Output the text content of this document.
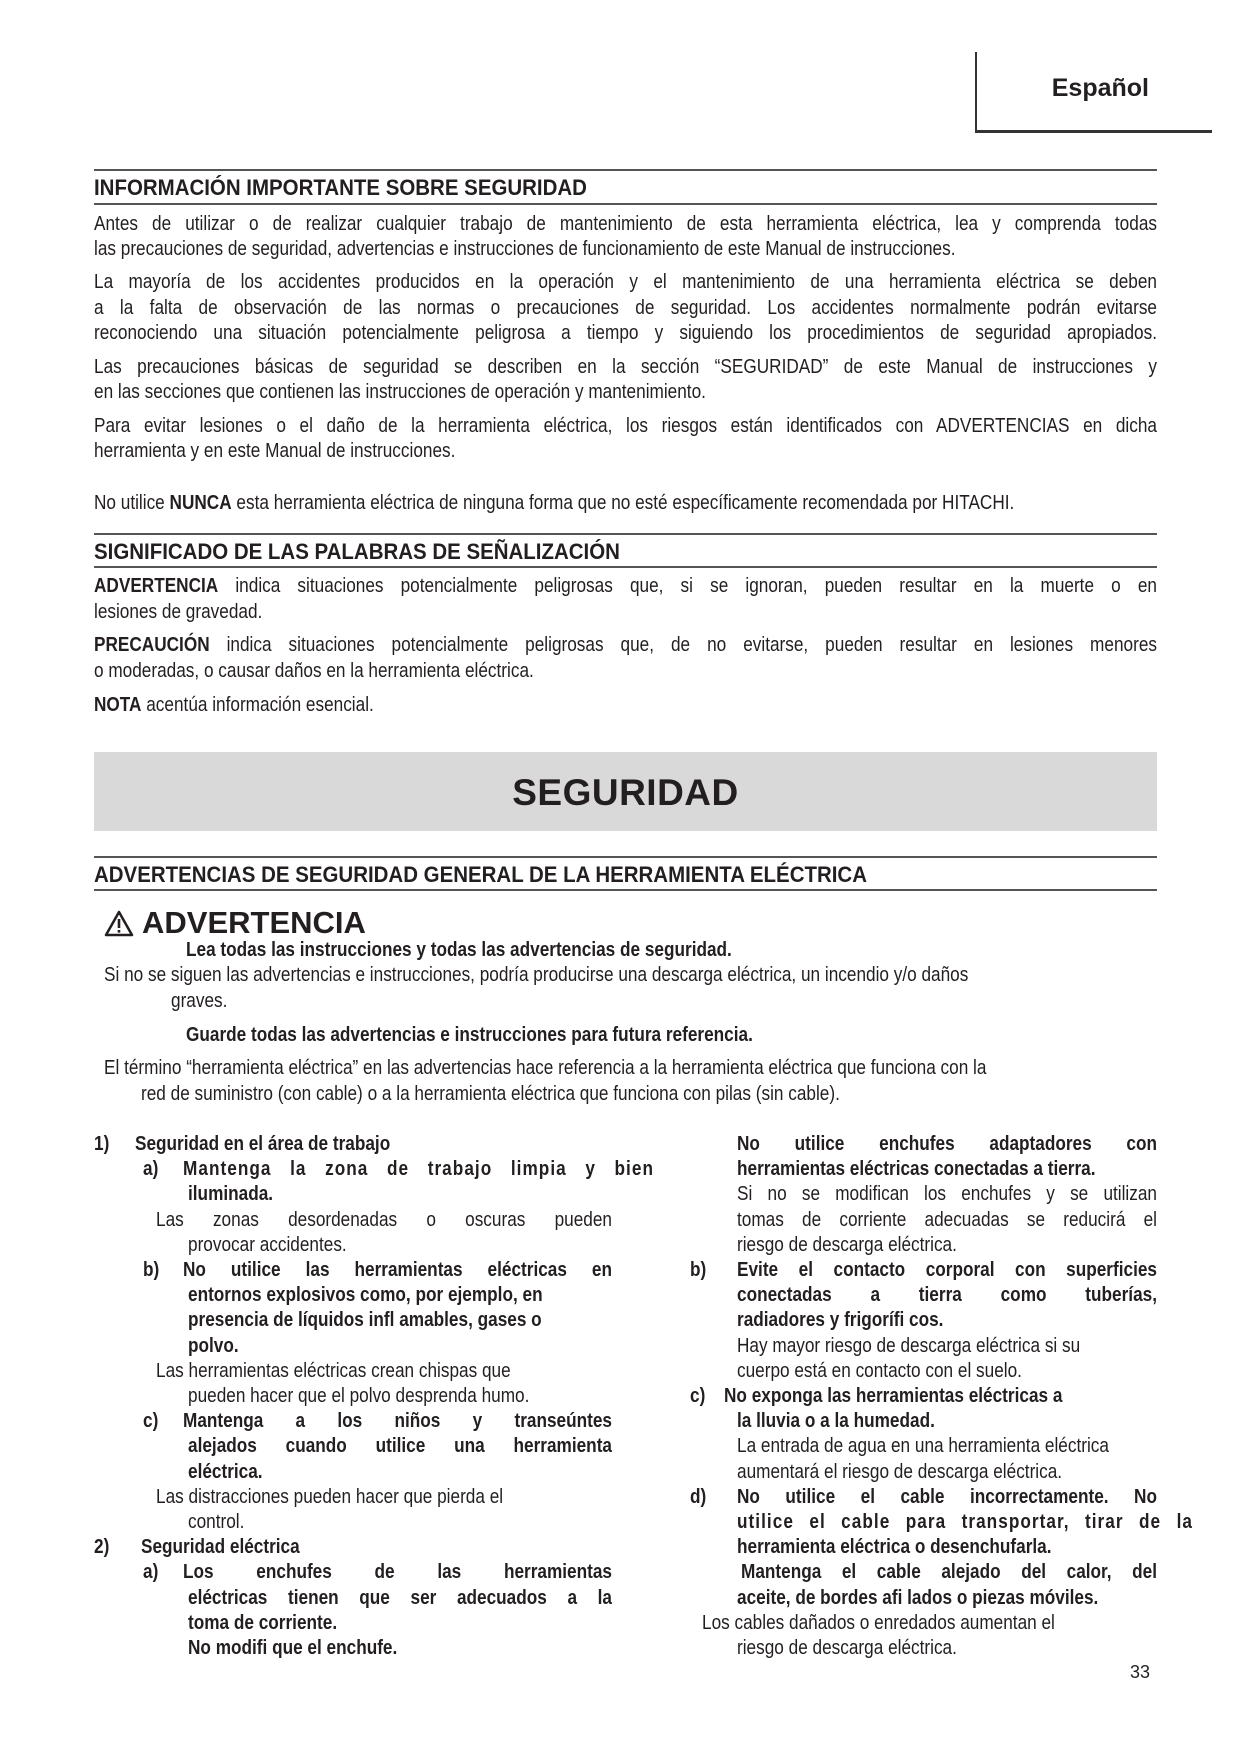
Español
INFORMACIÓN IMPORTANTE SOBRE SEGURIDAD
Antes de utilizar o de realizar cualquier trabajo de mantenimiento de esta herramienta eléctrica, lea y comprenda todas
las precauciones de seguridad, advertencias e instrucciones de funcionamiento de este Manual de instrucciones.
La mayoría de los accidentes producidos en la operación y el mantenimiento de una herramienta eléctrica se deben
a la falta de observación de las normas o precauciones de seguridad. Los accidentes normalmente podrán evitarse
reconociendo una situación potencialmente peligrosa a tiempo y siguiendo los procedimientos de seguridad apropiados.
Las precauciones básicas de seguridad se describen en la sección “SEGURIDAD” de este Manual de instrucciones y
en las secciones que contienen las instrucciones de operación y mantenimiento.
Para evitar lesiones o el daño de la herramienta eléctrica, los riesgos están identificados con ADVERTENCIAS en dicha
herramienta y en este Manual de instrucciones.
No utilice NUNCA esta herramienta eléctrica de ninguna forma que no esté específicamente recomendada por HITACHI.
SIGNIFICADO DE LAS PALABRAS DE SEÑALIZACIÓN
ADVERTENCIA indica situaciones potencialmente peligrosas que, si se ignoran, pueden resultar en la muerte o en
lesiones de gravedad.
PRECAUCIÓN indica situaciones potencialmente peligrosas que, de no evitarse, pueden resultar en lesiones menores
o moderadas, o causar daños en la herramienta eléctrica.
NOTA acentúa información esencial.
SEGURIDAD
ADVERTENCIAS DE SEGURIDAD GENERAL DE LA HERRAMIENTA ELÉCTRICA
ADVERTENCIA
Lea todas las instrucciones y todas las advertencias de seguridad.
Si no se siguen las advertencias e instrucciones, podría producirse una descarga eléctrica, un incendio y/o daños
graves.
Guarde todas las advertencias e instrucciones para futura referencia.
El término “herramienta eléctrica” en las advertencias hace referencia a la herramienta eléctrica que funciona con la
red de suministro (con cable) o a la herramienta eléctrica que funciona con pilas (sin cable).
1) Seguridad en el área de trabajo
a) Mantenga la zona de trabajo limpia y bien
iluminada.
Las zonas desordenadas o oscuras pueden
provocar accidentes.
b) No utilice las herramientas eléctricas en
entornos explosivos como, por ejemplo, en
presencia de líquidos infl amables, gases o
polvo.
Las herramientas eléctricas crean chispas que
pueden hacer que el polvo desprenda humo.
c) Mantenga a los niños y transeúntes
alejados cuando utilice una herramienta
eléctrica.
Las distracciones pueden hacer que pierda el
control.
2) Seguridad eléctrica
a) Los enchufes de las herramientas
eléctricas tienen que ser adecuados a la
toma de corriente.
No modifi que el enchufe.
No utilice enchufes adaptadores con
herramientas eléctricas conectadas a tierra.
Si no se modifican los enchufes y se utilizan
tomas de corriente adecuadas se reducirá el
riesgo de descarga eléctrica.
b) Evite el contacto corporal con superficies
conectadas a tierra como tuberías,
radiadores y frigorífi cos.
Hay mayor riesgo de descarga eléctrica si su
cuerpo está en contacto con el suelo.
c) No exponga las herramientas eléctricas a
la lluvia o a la humedad.
La entrada de agua en una herramienta eléctrica
aumentará el riesgo de descarga eléctrica.
d) No utilice el cable incorrectamente. No
utilice el cable para transportar, tirar de la
herramienta eléctrica o desenchufarla.
Mantenga el cable alejado del calor, del
aceite, de bordes afi lados o piezas móviles.
Los cables dañados o enredados aumentan el
riesgo de descarga eléctrica.
33
